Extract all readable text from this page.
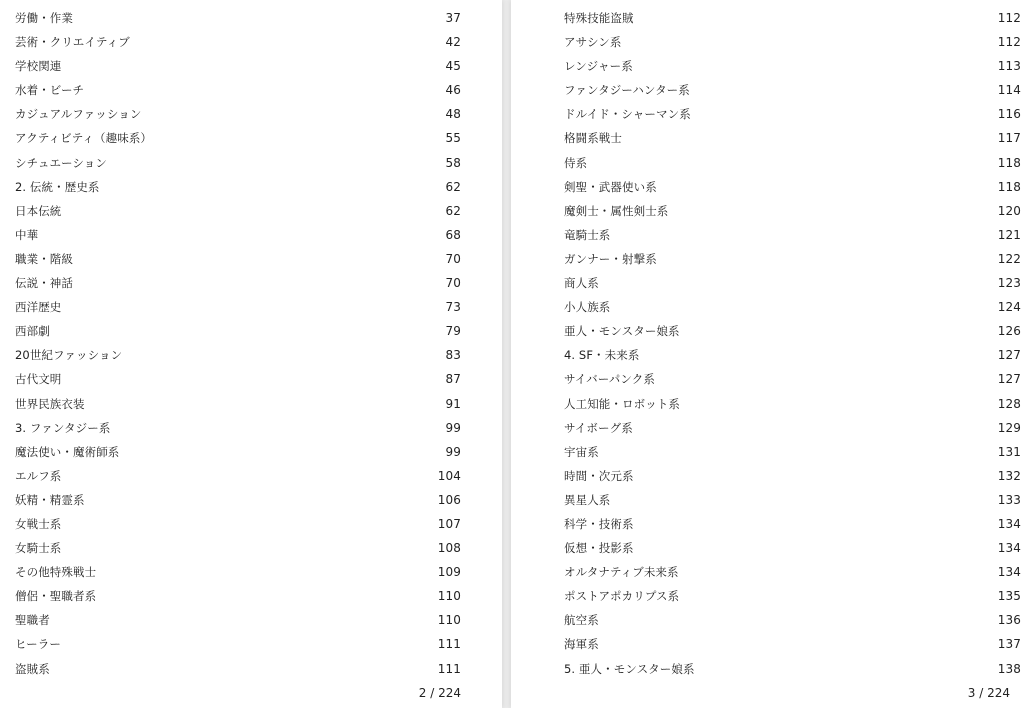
労働・作業	37
芸術・クリエイティブ	42
学校関連	45
水着・ビーチ	46
カジュアルファッション	48
アクティビティ（趣味系）	55
シチュエーション	58
2. 伝統・歴史系	62
日本伝統	62
中華	68
職業・階級	70
伝説・神話	70
西洋歴史	73
西部劇	79
20世紀ファッション	83
古代文明	87
世界民族衣装	91
3. ファンタジー系	99
魔法使い・魔術師系	99
エルフ系	104
妖精・精霊系	106
女戦士系	107
女騎士系	108
その他特殊戦士	109
僧侶・聖職者系	110
聖職者	110
ヒーラー	111
盗賊系	111
2 / 224
特殊技能盗賊	112
アサシン系	112
レンジャー系	113
ファンタジーハンター系	114
ドルイド・シャーマン系	116
格闘系戦士	117
侍系	118
剣聖・武器使い系	118
魔剣士・属性剣士系	120
竜騎士系	121
ガンナー・射撃系	122
商人系	123
小人族系	124
亜人・モンスター娘系	126
4. SF・未来系	127
サイバーパンク系	127
人工知能・ロボット系	128
サイボーグ系	129
宇宙系	131
時間・次元系	132
異星人系	133
科学・技術系	134
仮想・投影系	134
オルタナティブ未来系	134
ポストアポカリプス系	135
航空系	136
海軍系	137
5. 亜人・モンスター娘系	138
3 / 224
